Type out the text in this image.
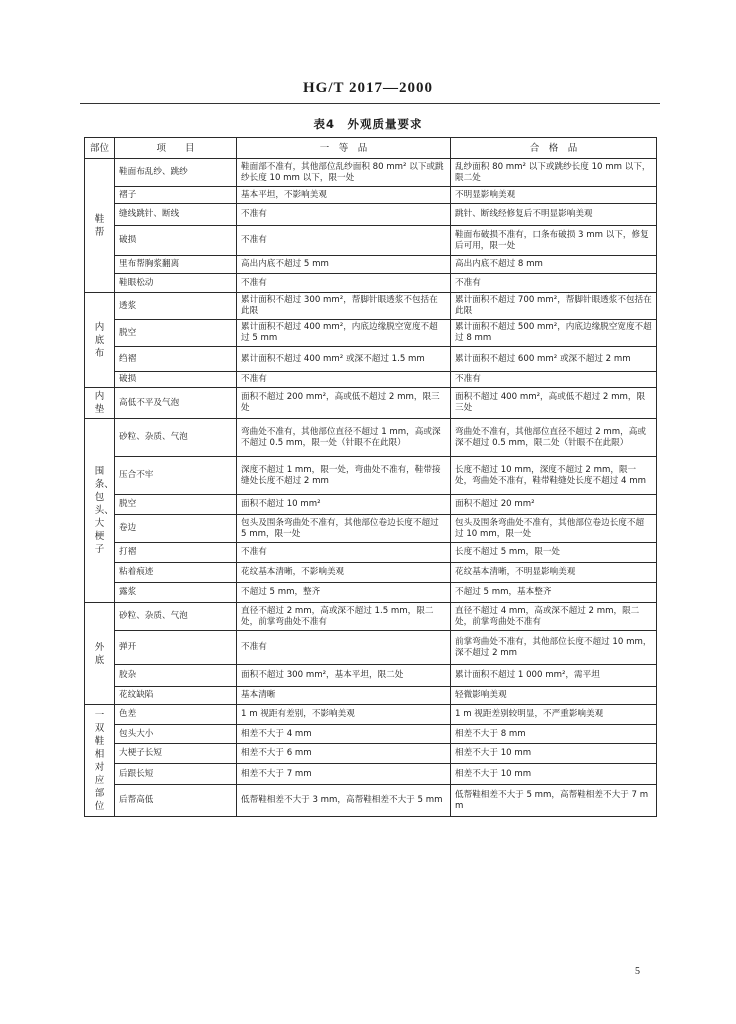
HG/T 2017—2000
表4　外观质量要求
部位	项　　目	一　等　品	合　格　品

鞋帮	鞋面布乱纱、跳纱	鞋面部不准有，其他部位乱纱面积 80 mm² 以下或跳纱长度 10 mm 以下，限一处	乱纱面积 80 mm² 以下或跳纱长度 10 mm 以下，限二处
	褶子	基本平坦，不影响美观	不明显影响美观
	缝线跳针、断线	不准有	跳针、断线经修复后不明显影响美观
	破损	不准有	鞋面布破损不准有，口条布破损 3 mm 以下，修复后可用，限一处
	里布帮胸浆翻离	高出内底不超过 5 mm	高出内底不超过 8 mm
	鞋眼松动	不准有	不准有

内底布	透浆	累计面积不超过 300 mm²，帮脚针眼透浆不包括在此限	累计面积不超过 700 mm²，帮脚针眼透浆不包括在此限
	脱空	累计面积不超过 400 mm²，内底边缘脱空宽度不超过 5 mm	累计面积不超过 500 mm²，内底边缘脱空宽度不超过 8 mm
	绉褶	累计面积不超过 400 mm² 或深不超过 1.5 mm	累计面积不超过 600 mm² 或深不超过 2 mm
	破损	不准有	不准有

内垫	高低不平及气泡	面积不超过 200 mm²，高或低不超过 2 mm，限三处	面积不超过 400 mm²，高或低不超过 2 mm，限三处

围条、包头、大梗子	砂粒、杂质、气泡	弯曲处不准有，其他部位直径不超过 1 mm，高或深不超过 0.5 mm，限一处（针眼不在此限）	弯曲处不准有，其他部位直径不超过 2 mm，高或深不超过 0.5 mm，限二处（针眼不在此限）
	压合不牢	深度不超过 1 mm，限一处，弯曲处不准有，鞋带接缝处长度不超过 2 mm	长度不超过 10 mm，深度不超过 2 mm，限一处，弯曲处不准有，鞋带鞋缝处长度不超过 4 mm
	脱空	面积不超过 10 mm²	面积不超过 20 mm²
	卷边	包头及围条弯曲处不准有，其他部位卷边长度不超过 5 mm，限一处	包头及围条弯曲处不准有，其他部位卷边长度不超过 10 mm，限一处
	打褶	不准有	长度不超过 5 mm，限一处
	粘着痕迹	花纹基本清晰，不影响美观	花纹基本清晰，不明显影响美观
	露浆	不超过 5 mm，整齐	不超过 5 mm，基本整齐

外底	砂粒、杂质、气泡	直径不超过 2 mm，高或深不超过 1.5 mm，限二处，前掌弯曲处不准有	直径不超过 4 mm，高或深不超过 2 mm，限二处，前掌弯曲处不准有
	弹开	不准有	前掌弯曲处不准有，其他部位长度不超过 10 mm，深不超过 2 mm
	胶杂	面积不超过 300 mm²，基本平坦，限二处	累计面积不超过 1 000 mm²，需平坦
	花纹缺陷	基本清晰	轻微影响美观

一双鞋相对应部位	色差	1 m 视距有差别，不影响美观	1 m 视距差别较明显，不严重影响美观
	包头大小	相差不大于 4 mm	相差不大于 8 mm
	大梗子长短	相差不大于 6 mm	相差不大于 10 mm
	后跟长短	相差不大于 7 mm	相差不大于 10 mm
	后帮高低	低帮鞋相差不大于 3 mm，高帮鞋相差不大于 5 mm	低帮鞋相差不大于 5 mm，高帮鞋相差不大于 7 mm
5
